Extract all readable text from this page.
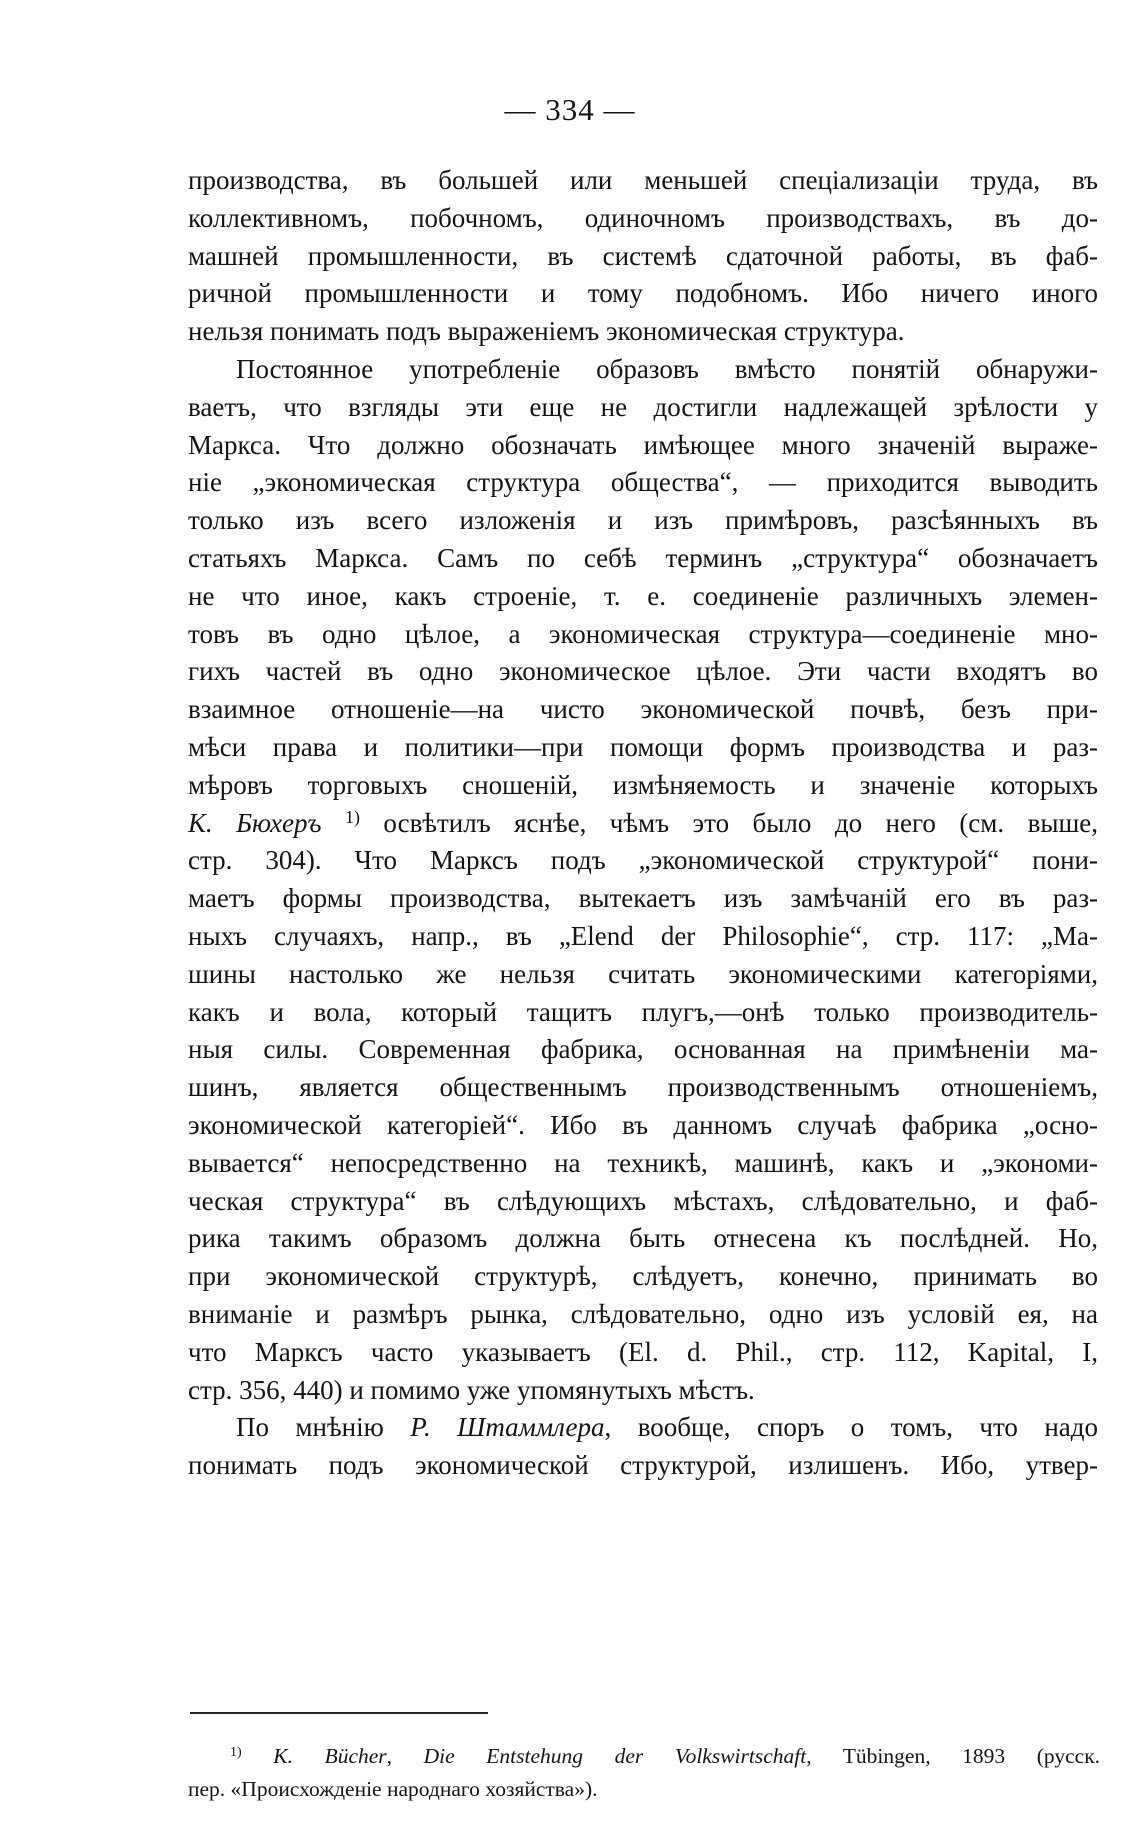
— 334 —
производства, въ большей или меньшей спеціализаціи труда, въ
коллективномъ, побочномъ, одиночномъ производствахъ, въ до-
машней промышленности, въ системѣ сдаточной работы, въ фаб-
ричной промышленности и тому подобномъ. Ибо ничего иного
нельзя понимать подъ выраженіемъ экономическая структура.
Постоянное употребленіе образовъ вмѣсто понятій обнаружи-
ваетъ, что взгляды эти еще не достигли надлежащей зрѣлости у
Маркса. Что должно обозначать имѣющее много значеній выраже-
ніе „экономическая структура общества“, — приходится выводить
только изъ всего изложенія и изъ примѣровъ, разсѣянныхъ въ
статьяхъ Маркса. Самъ по себѣ терминъ „структура“ обозначаетъ
не что иное, какъ строеніе, т. е. соединеніе различныхъ элемен-
товъ въ одно цѣлое, а экономическая структура—соединеніе мно-
гихъ частей въ одно экономическое цѣлое. Эти части входятъ во
взаимное отношеніе—на чисто экономической почвѣ, безъ при-
мѣси права и политики—при помощи формъ производства и раз-
мѣровъ торговыхъ сношеній, измѣняемость и значеніе которыхъ
К. Бюхеръ $^{1)}$ освѣтилъ яснѣе, чѣмъ это было до него (см. выше,
стр. 304). Что Марксъ подъ „экономической структурой“ пони-
маетъ формы производства, вытекаетъ изъ замѣчаній его въ раз-
ныхъ случаяхъ, напр., въ „Elend der Philosophie“, стр. 117: „Ма-
шины настолько же нельзя считать экономическими категоріями,
какъ и вола, который тащитъ плугъ,—онѣ только производитель-
ныя силы. Современная фабрика, основанная на примѣненіи ма-
шинъ, является общественнымъ производственнымъ отношеніемъ,
экономической категоріей“. Ибо въ данномъ случаѣ фабрика „осно-
вывается“ непосредственно на техникѣ, машинѣ, какъ и „экономи-
ческая структура“ въ слѣдующихъ мѣстахъ, слѣдовательно, и фаб-
рика такимъ образомъ должна быть отнесена къ послѣдней. Но,
при экономической структурѣ, слѣдуетъ, конечно, принимать во
вниманіе и размѣръ рынка, слѣдовательно, одно изъ условій ея, на
что Марксъ часто указываетъ (El. d. Phil., стр. 112, Kapital, I,
стр. 356, 440) и помимо уже упомянутыхъ мѣстъ.
По мнѣнію Р. Штаммлера, вообще, споръ о томъ, что надо
понимать подъ экономической структурой, излишенъ. Ибо, утвер-
$^{1)}$ K. Bücher, Die Entstehung der Volkswirtschaft, Tübingen, 1893 (русск.
пер. «Происхожденіе народнаго хозяйства»).
